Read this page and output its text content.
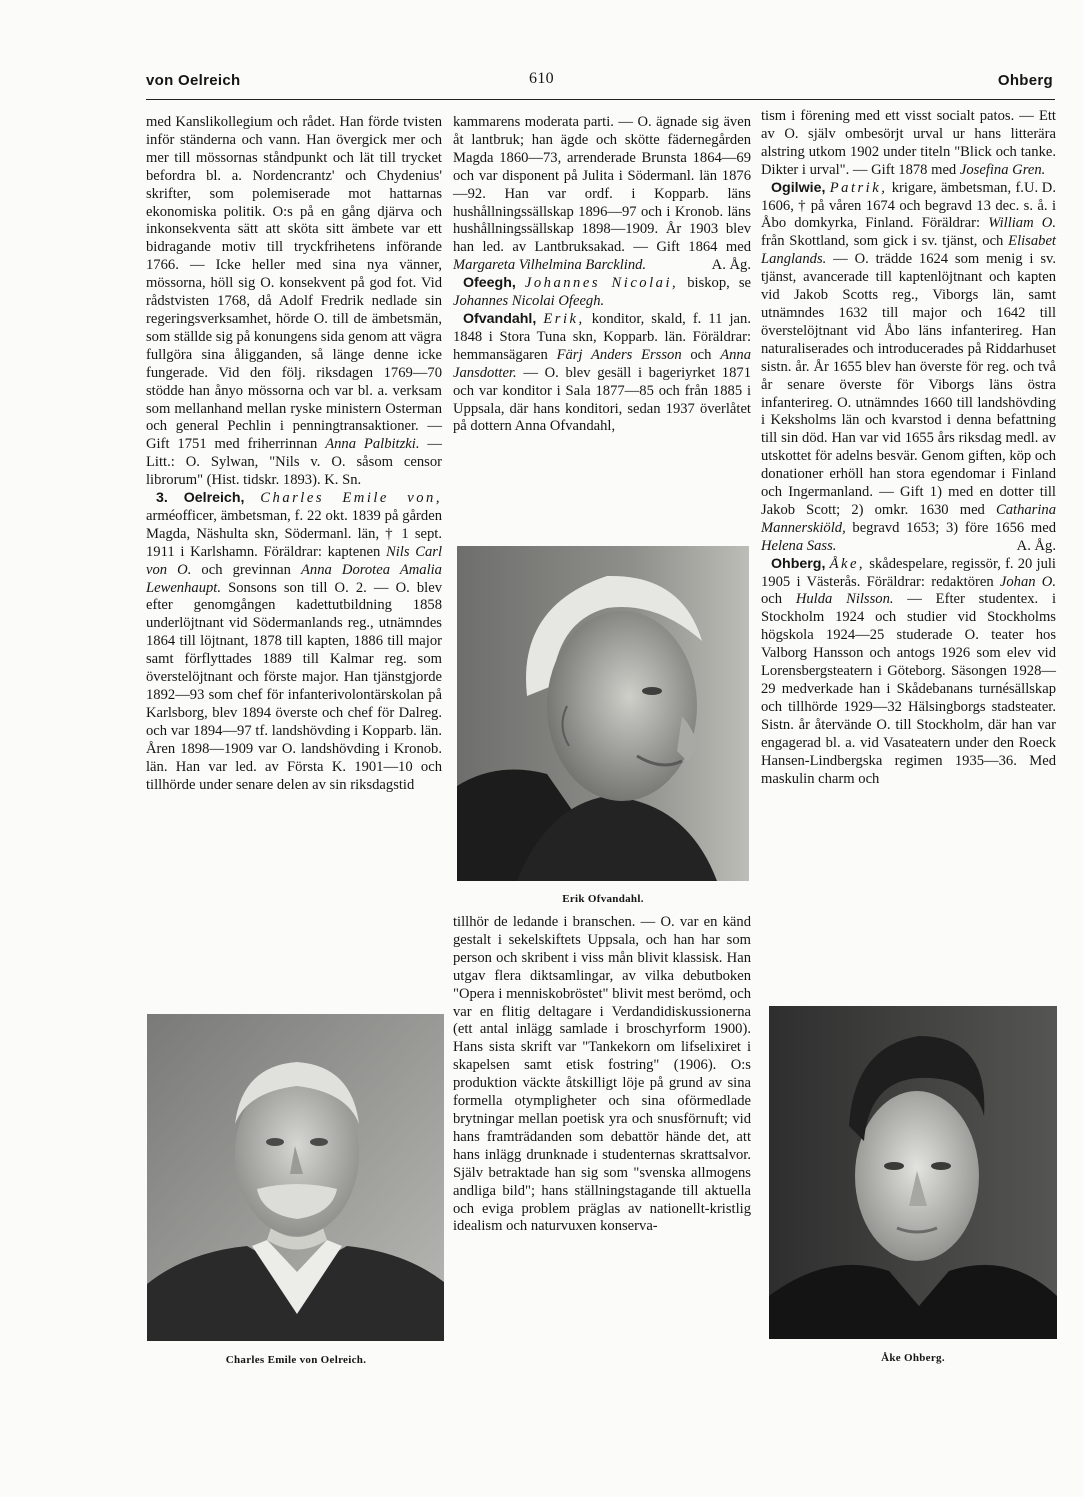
von Oelreich	610	Ohberg

med Kanslikollegium och rådet. Han förde tvisten inför ständerna och vann. Han övergick mer och mer till mössornas ståndpunkt och lät till trycket befordra bl. a. Nordencrantz' och Chydenius' skrifter, som polemiserade mot hattarnas ekonomiska politik. O:s på en gång djärva och inkonsekventa sätt att sköta sitt ämbete var ett bidragande motiv till tryckfrihetens införande 1766. — Icke heller med sina nya vänner, mössorna, höll sig O. konsekvent på god fot. Vid rådstvisten 1768, då Adolf Fredrik nedlade sin regeringsverksamhet, hörde O. till de ämbetsmän, som ställde sig på konungens sida genom att vägra fullgöra sina åligganden, så länge denne icke fungerade. Vid den följ. riksdagen 1769—70 stödde han ånyo mössorna och var bl. a. verksam som mellanhand mellan ryske ministern Osterman och general Pechlin i penningtransaktioner. — Gift 1751 med friherrinnan Anna Palbitzki. — Litt.: O. Sylwan, "Nils v. O. såsom censor librorum" (Hist. tidskr. 1893). K. Sn.

3. Oelreich, Charles Emile von, arméofficer, ämbetsman, f. 22 okt. 1839 på gården Magda, Näshulta skn, Södermanl. län, † 1 sept. 1911 i Karlshamn. Föräldrar: kaptenen Nils Carl von O. och grevinnan Anna Dorotea Amalia Lewenhaupt. Sonsons son till O. 2. — O. blev efter genomgången kadettutbildning 1858 underlöjtnant vid Södermanlands reg., utnämndes 1864 till löjtnant, 1878 till kapten, 1886 till major samt förflyttades 1889 till Kalmar reg. som överstelöjtnant och förste major. Han tjänstgjorde 1892—93 som chef för infanterivolontärskolan på Karlsborg, blev 1894 överste och chef för Dalreg. och var 1894—97 tf. landshövding i Kopparb. län. Åren 1898—1909 var O. landshövding i Kronob. län. Han var led. av Första K. 1901—10 och tillhörde under senare delen av sin riksdagstid

Charles Emile von Oelreich.

kammarens moderata parti. — O. ägnade sig även åt lantbruk; han ägde och skötte fädernegården Magda 1860—73, arrenderade Brunsta 1864—69 och var disponent på Julita i Södermanl. län 1876—92. Han var ordf. i Kopparb. läns hushållningssällskap 1896—97 och i Kronob. läns hushållningssällskap 1898—1909. År 1903 blev han led. av Lantbruksakad. — Gift 1864 med Margareta Vilhelmina Barcklind.	A. Åg.

Ofeegh, Johannes Nicolai, biskop, se Johannes Nicolai Ofeegh.

Ofvandahl, Erik, konditor, skald, f. 11 jan. 1848 i Stora Tuna skn, Kopparb. län. Föräldrar: hemmansägaren Färj Anders Ersson och Anna Jansdotter. — O. blev gesäll i bageriyrket 1871 och var konditor i Sala 1877—85 och från 1885 i Uppsala, där hans konditori, sedan 1937 överlåtet på dottern Anna Ofvandahl,

Erik Ofvandahl.

tillhör de ledande i branschen. — O. var en känd gestalt i sekelskiftets Uppsala, och han har som person och skribent i viss mån blivit klassisk. Han utgav flera diktsamlingar, av vilka debutboken "Opera i menniskobröstet" blivit mest berömd, och var en flitig deltagare i Verdandidiskussionerna (ett antal inlägg samlade i broschyrform 1900). Hans sista skrift var "Tankekorn om lifselixiret i skapelsen samt etisk fostring" (1906). O:s produktion väckte åtskilligt löje på grund av sina formella otympligheter och sina oförmedlade brytningar mellan poetisk yra och snusförnuft; vid hans framträdanden som debattör hände det, att hans inlägg drunknade i studenternas skrattsalvor. Själv betraktade han sig som "svenska allmogens andliga bild"; hans ställningstagande till aktuella och eviga problem präglas av nationellt-kristlig idealism och naturvuxen konserva-

tism i förening med ett visst socialt patos. — Ett av O. själv ombesörjt urval ur hans litterära alstring utkom 1902 under titeln "Blick och tanke. Dikter i urval". — Gift 1878 med Josefina Gren.
U. D.

Ogilwie, Patrik, krigare, ämbetsman, f. 1606, † på våren 1674 och begravd 13 dec. s. å. i Åbo domkyrka, Finland. Föräldrar: William O. från Skottland, som gick i sv. tjänst, och Elisabet Langlands. — O. trädde 1624 som menig i sv. tjänst, avancerade till kaptenlöjtnant och kapten vid Jakob Scotts reg., Viborgs län, samt utnämndes 1632 till major och 1642 till överstelöjtnant vid Åbo läns infanterireg. Han naturaliserades och introducerades på Riddarhuset sistn. år. År 1655 blev han överste för reg. och två år senare överste för Viborgs läns östra infanterireg. O. utnämndes 1660 till landshövding i Keksholms län och kvarstod i denna befattning till sin död. Han var vid 1655 års riksdag medl. av utskottet för adelns besvär. Genom giften, köp och donationer erhöll han stora egendomar i Finland och Ingermanland. — Gift 1) med en dotter till Jakob Scott; 2) omkr. 1630 med Catharina Mannerskiöld, begravd 1653; 3) före 1656 med Helena Sass.	A. Åg.

Ohberg, Åke, skådespelare, regissör, f. 20 juli 1905 i Västerås. Föräldrar: redaktören Johan O. och Hulda Nilsson. — Efter studentex. i Stockholm 1924 och studier vid Stockholms högskola 1924—25 studerade O. teater hos Valborg Hansson och antogs 1926 som elev vid Lorensbergsteatern i Göteborg. Säsongen 1928—29 medverkade han i Skådebanans turnésällskap och tillhörde 1929—32 Hälsingborgs stadsteater. Sistn. år återvände O. till Stockholm, där han var engagerad bl. a. vid Vasateatern under den Roeck Hansen-Lindbergska regimen 1935—36. Med maskulin charm och

Åke Ohberg.
